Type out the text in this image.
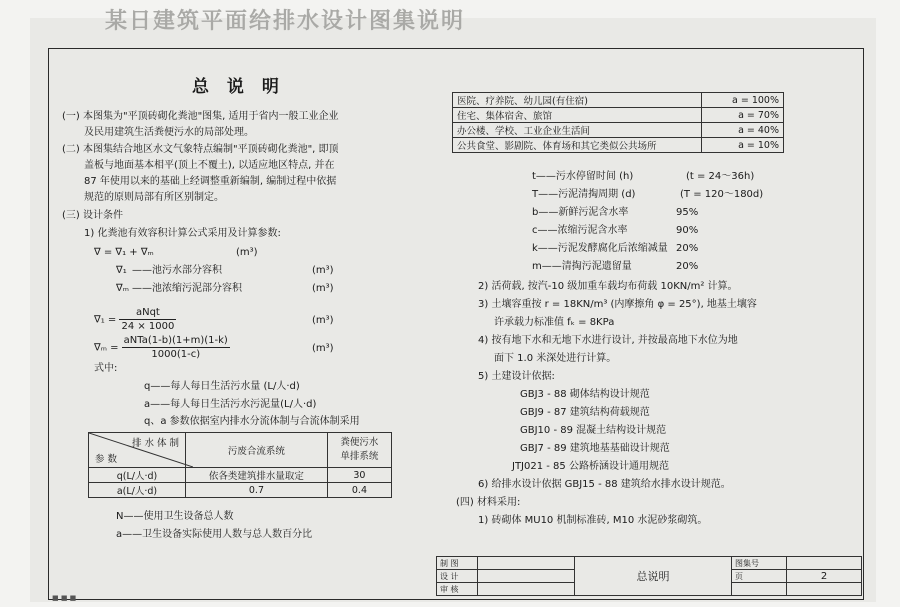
某日建筑平面给排水设计图集说明
总 说 明
(一) 本图集为"平顶砖砌化粪池"图集, 适用于省内一般工业企业
及民用建筑生活粪便污水的局部处理。
(二) 本图集结合地区水文气象特点编制"平顶砖砌化粪池", 即顶
盖板与地面基本相平(顶上不覆土), 以适应地区特点, 并在
87 年使用以来的基础上经调整重新编制, 编制过程中依据
规范的原则局部有所区别制定。
(三) 设计条件
1) 化粪池有效容积计算公式采用及计算参数:
∇ = ∇₁ + ∇ₘ	(m³)
∇₁ ——池污水部分容积	(m³)
∇ₘ ——池浓缩污泥部分容积	(m³)
$\nabla_1 = \frac{\text{aNqt}}{24 \times 1000}$	(m³)
$\nabla_m = \frac{\text{aNTa(1-b)(1+m)(1-k)}}{1000(1-c)}$	(m³)
式中:
q——每人每日生活污水量 (L/人·d)
a——每人每日生活污水污泥量(L/人·d)
q、a 参数依据室内排水分流体制与合流体制采用
排 水 体 制
参 数	污废合流系统	粪便污水
单排系统
q(L/人·d)	依各类建筑排水量取定	30
a(L/人·d)	0.7	0.4
N——使用卫生设备总人数
a——卫生设备实际使用人数与总人数百分比
医院、疗养院、幼儿园(有住宿)	a = 100%
住宅、集体宿舍、旅馆	a = 70%
办公楼、学校、工业企业生活间	a = 40%
公共食堂、影剧院、体育场和其它类似公共场所	a = 10%
t——污水停留时间 (h)	(t = 24～36h)
T——污泥清掏周期 (d)	(T = 120～180d)
b——新鲜污泥含水率	95%
c——浓缩污泥含水率	90%
k——污泥发酵腐化后浓缩减量 20%
m——清掏污泥遗留量	20%
2) 活荷载, 按汽-10 级加重车载均布荷载 10KN/m² 计算。
3) 土壤容重按 r = 18KN/m³ (内摩擦角 φ = 25°), 地基土壤容
许承载力标准值 fₖ = 8KPa
4) 按有地下水和无地下水进行设计, 并按最高地下水位为地
面下 1.0 米深处进行计算。
5) 土建设计依据:
GBJ3 - 88 砌体结构设计规范
GBJ9 - 87 建筑结构荷载规范
GBJ10 - 89 混凝土结构设计规范
GBJ7 - 89 建筑地基基础设计规范
JTJ021 - 85 公路桥涵设计通用规范
6) 给排水设计依据 GBJ15 - 88 建筑给水排水设计规范。
(四) 材料采用:
1) 砖砌体 MU10 机制标准砖, M10 水泥砂浆砌筑。
制 图		总说明	图集号	
设 计			页	2
审 核				
■ ■ ■
